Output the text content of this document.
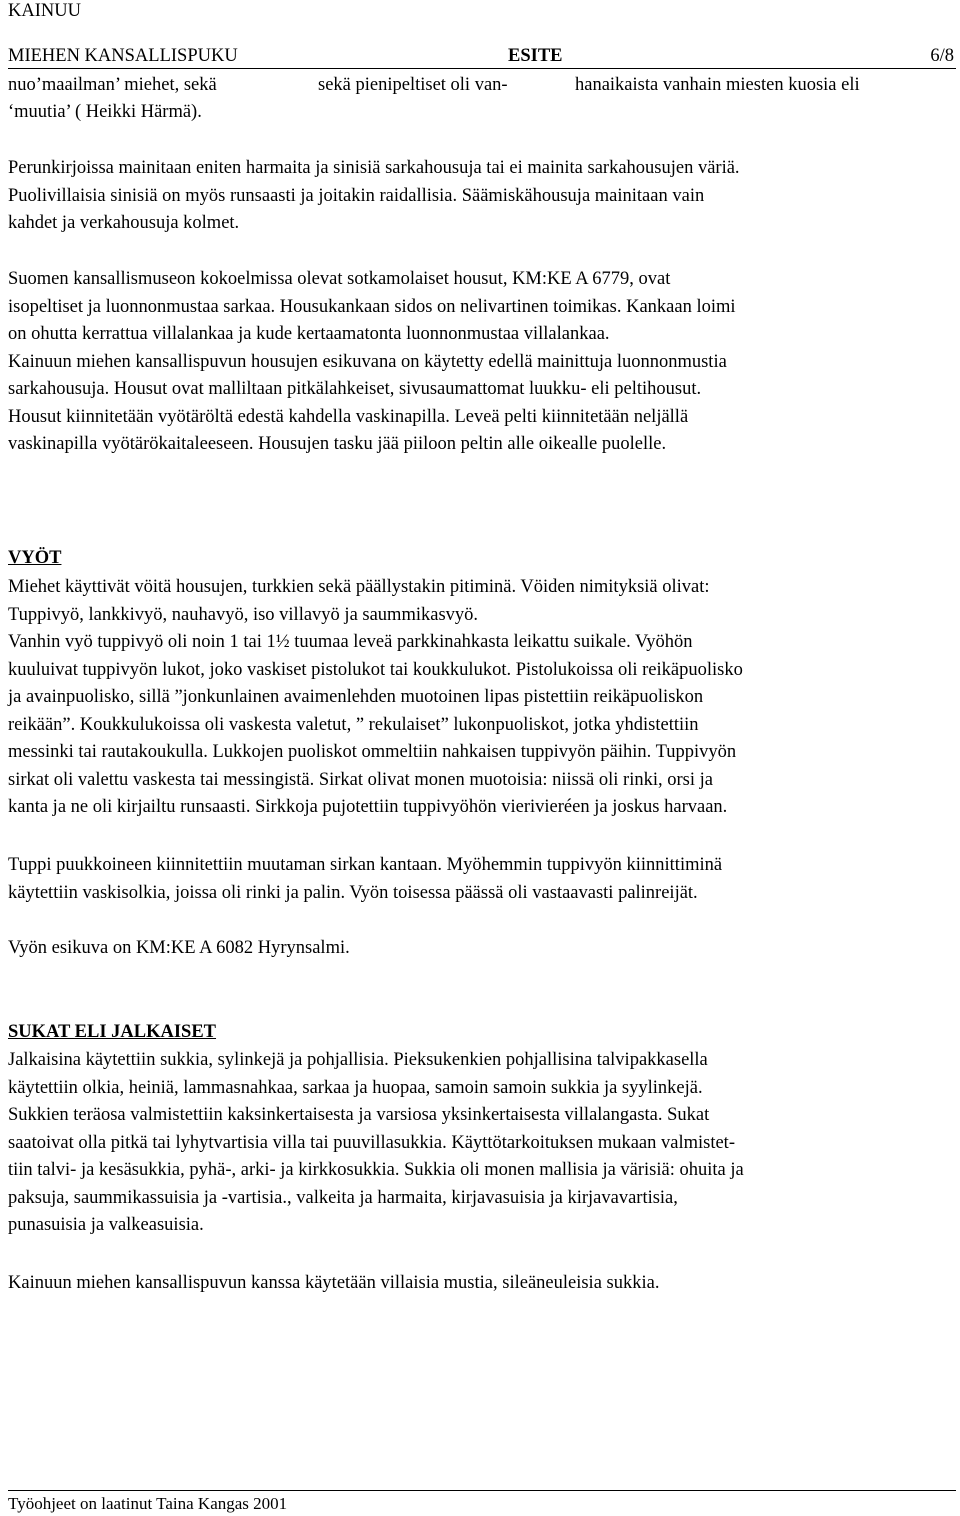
KAINUU
MIEHEN KANSALLISPUKU	ESITE	6/8
nuo’maailman’ miehet, sekä
‘muutia’ ( Heikki Härmä).
sekä pienipeltiset oli van-	hanaikaista vanhain miesten kuosia eli
Perunkirjoissa mainitaan eniten harmaita ja sinisiä sarkahousuja tai ei mainita sarkahousujen väriä.
Puolivillaisia sinisiä on myös runsaasti ja joitakin raidallisia. Säämiskähousuja mainitaan vain
kahdet ja verkahousuja kolmet.
Suomen kansallismuseon kokoelmissa olevat sotkamolaiset housut, KM:KE A 6779, ovat
isopeltiset ja luonnonmustaa sarkaa. Housukankaan sidos on nelivartinen toimikas. Kankaan loimi
on ohutta kerrattua villalankaa ja kude kertaamatonta luonnonmustaa villalankaa.
Kainuun miehen kansallispuvun housujen esikuvana on käytetty edellä mainittuja luonnonmustia
sarkahousuja. Housut ovat malliltaan pitkälahkeiset, sivusaumattomat luukku- eli peltihousut.
Housut kiinnitetään vyötäröltä edestä kahdella vaskinapilla. Leveä pelti kiinnitetään neljällä
vaskinapilla vyötärökaitaleeseen. Housujen tasku jää piiloon peltin alle oikealle puolelle.
VYÖT
Miehet käyttivät vöitä housujen, turkkien sekä päällystakin pitiminä. Vöiden nimityksiä olivat:
Tuppivyö, lankkivyö, nauhavyö, iso villavyö ja saummikasvyö.
Vanhin vyö tuppivyö oli noin 1 tai 1½ tuumaa leveä parkkinahkasta leikattu suikale. Vyöhön
kuuluivat tuppivyön lukot, joko vaskiset pistolukot tai koukkulukot. Pistolukoissa oli reikäpuolisko
ja avainpuolisko, sillä ”jonkunlainen avaimenlehden muotoinen lipas pistettiin reikäpuoliskon
reikään”. Koukkulukoissa oli vaskesta valetut, ” rekulaiset” lukonpuoliskot, jotka yhdistettiin
messinki tai rautakoukulla. Lukkojen puoliskot ommeltiin nahkaisen tuppivyön päihin. Tuppivyön
sirkat oli valettu vaskesta tai messingistä. Sirkat olivat monen muotoisia: niissä oli rinki, orsi ja
kanta ja ne oli kirjailtu runsaasti. Sirkkoja pujotettiin tuppivyöhön vierivieréen ja joskus harvaan.
Tuppi puukkoineen kiinnitettiin muutaman sirkan kantaan. Myöhemmin tuppivyön kiinnittiminä
käytettiin vaskisolkia, joissa oli rinki ja palin. Vyön toisessa päässä oli vastaavasti palinreijät.
Vyön esikuva on KM:KE A 6082 Hyrynsalmi.
SUKAT ELI JALKAISET
Jalkaisina käytettiin sukkia, sylinkejä ja pohjallisia. Pieksukenkien pohjallisina talvipakkasella
käytettiin olkia, heiniä, lammasnahkaa, sarkaa ja huopaa, samoin samoin sukkia ja syylinkejä.
Sukkien teräosa valmistettiin kaksinkertaisesta ja varsiosa yksinkertaisesta villalangasta. Sukat
saatoivat olla pitkä tai lyhytvartisia villa tai puuvillasukkia. Käyttötarkoituksen mukaan valmistet-
tiin talvi- ja kesäsukkia, pyhä-, arki- ja kirkkosukkia. Sukkia oli monen mallisia ja värisiä: ohuita ja
paksuja, saummikassuisia ja -vartisia., valkeita ja harmaita, kirjavasuisia ja kirjavavartisia,
punasuisia ja valkeasuisia.
Kainuun miehen kansallispuvun kanssa käytetään villaisia mustia, sileäneuleisia sukkia.
Työohjeet on laatinut Taina Kangas 2001
